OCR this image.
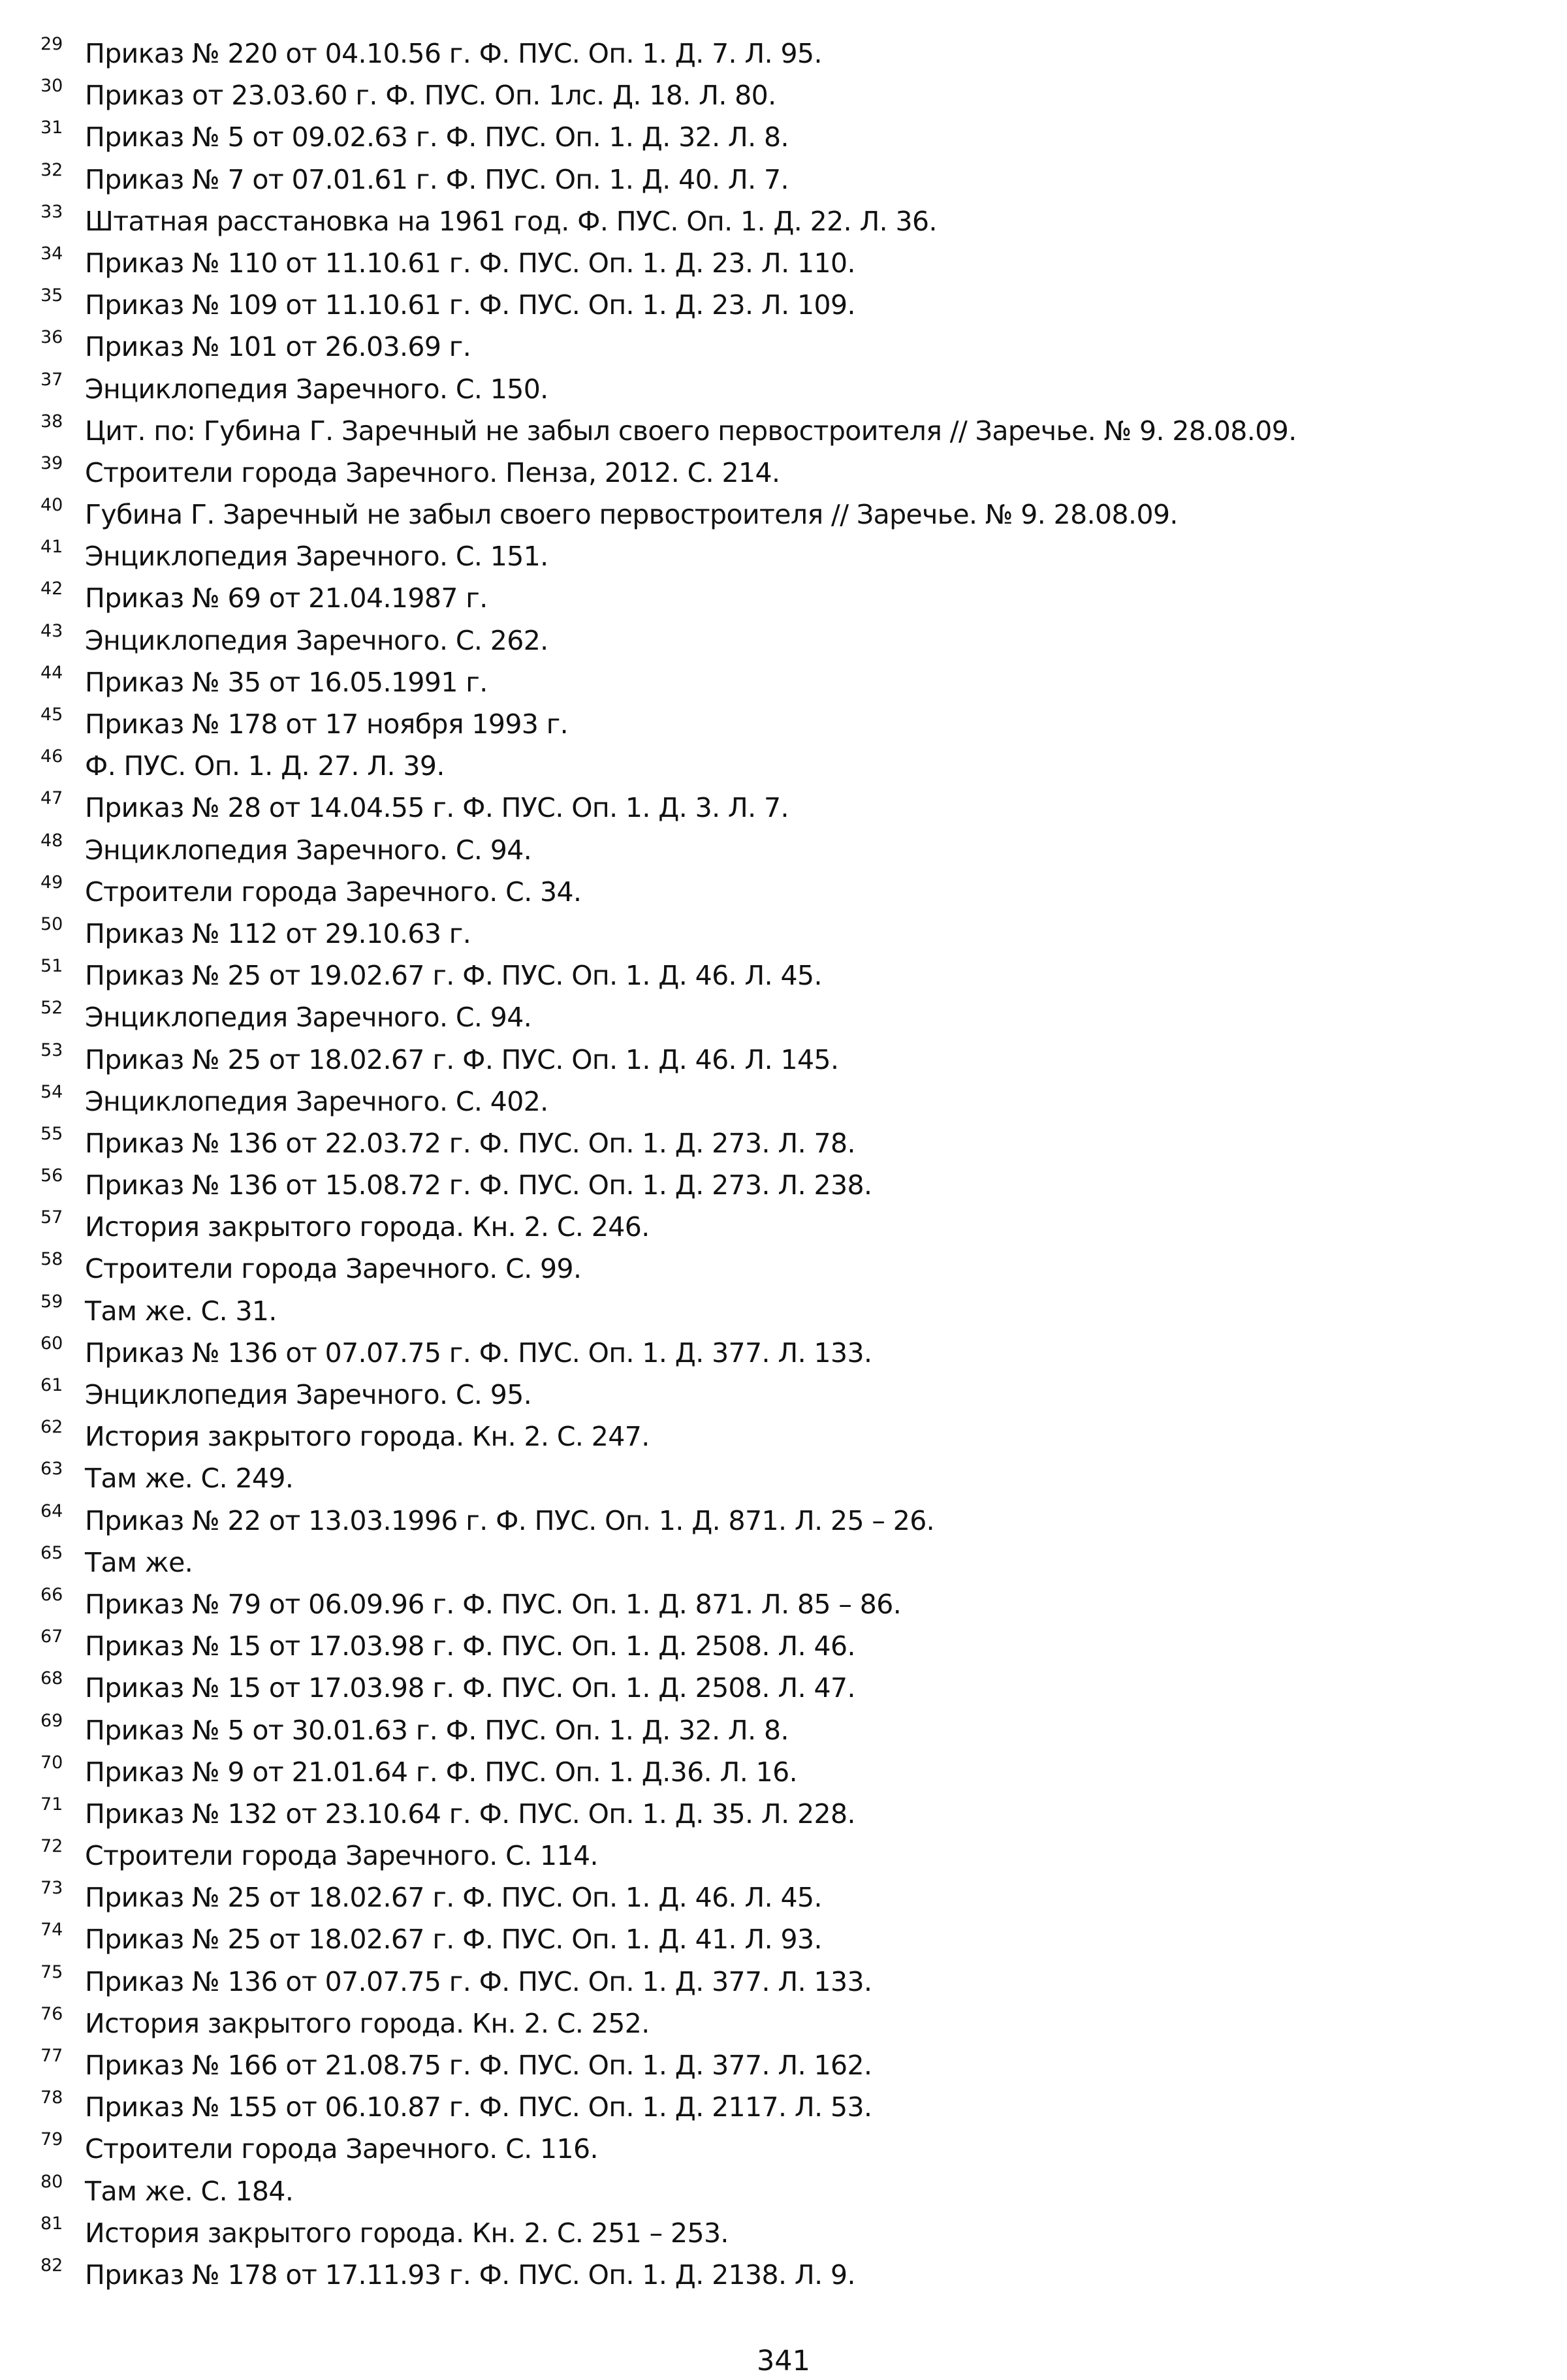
29 Приказ № 220 от 04.10.56 г. Ф. ПУС. Оп. 1. Д. 7. Л. 95.
30 Приказ от 23.03.60 г. Ф. ПУС. Оп. 1лс. Д. 18. Л. 80.
31 Приказ № 5 от 09.02.63 г. Ф. ПУС. Оп. 1. Д. 32. Л. 8.
32 Приказ № 7 от 07.01.61 г. Ф. ПУС. Оп. 1. Д. 40. Л. 7.
33 Штатная расстановка на 1961 год. Ф. ПУС. Оп. 1. Д. 22. Л. 36.
34 Приказ № 110 от 11.10.61 г. Ф. ПУС. Оп. 1. Д. 23. Л. 110.
35 Приказ № 109 от 11.10.61 г. Ф. ПУС. Оп. 1. Д. 23. Л. 109.
36 Приказ № 101 от 26.03.69 г.
37 Энциклопедия Заречного. С. 150.
38 Цит. по: Губина Г. Заречный не забыл своего первостроителя // Заречье. № 9. 28.08.09.
39 Строители города Заречного. Пенза, 2012. С. 214.
40 Губина Г. Заречный не забыл своего первостроителя // Заречье. № 9. 28.08.09.
41 Энциклопедия Заречного. С. 151.
42 Приказ № 69 от 21.04.1987 г.
43 Энциклопедия Заречного. С. 262.
44 Приказ № 35 от 16.05.1991 г.
45 Приказ № 178 от 17 ноября 1993 г.
46 Ф. ПУС. Оп. 1. Д. 27. Л. 39.
47 Приказ № 28 от 14.04.55 г. Ф. ПУС. Оп. 1. Д. 3. Л. 7.
48 Энциклопедия Заречного. С. 94.
49 Строители города Заречного. С. 34.
50 Приказ № 112 от 29.10.63 г.
51 Приказ № 25 от 19.02.67 г. Ф. ПУС. Оп. 1. Д. 46. Л. 45.
52 Энциклопедия Заречного. С. 94.
53 Приказ № 25 от 18.02.67 г. Ф. ПУС. Оп. 1. Д. 46. Л. 145.
54 Энциклопедия Заречного. С. 402.
55 Приказ № 136 от 22.03.72 г. Ф. ПУС. Оп. 1. Д. 273. Л. 78.
56 Приказ № 136 от 15.08.72 г. Ф. ПУС. Оп. 1. Д. 273. Л. 238.
57 История закрытого города. Кн. 2. С. 246.
58 Строители города Заречного. С. 99.
59 Там же. С. 31.
60 Приказ № 136 от 07.07.75 г. Ф. ПУС. Оп. 1. Д. 377. Л. 133.
61 Энциклопедия Заречного. С. 95.
62 История закрытого города. Кн. 2. С. 247.
63 Там же. С. 249.
64 Приказ № 22 от 13.03.1996 г. Ф. ПУС. Оп. 1. Д. 871. Л. 25 – 26.
65 Там же.
66 Приказ № 79 от 06.09.96 г. Ф. ПУС. Оп. 1. Д. 871. Л. 85 – 86.
67 Приказ № 15 от 17.03.98 г. Ф. ПУС. Оп. 1. Д. 2508. Л. 46.
68 Приказ № 15 от 17.03.98 г. Ф. ПУС. Оп. 1. Д. 2508. Л. 47.
69 Приказ № 5 от 30.01.63 г. Ф. ПУС. Оп. 1. Д. 32. Л. 8.
70 Приказ № 9 от 21.01.64 г. Ф. ПУС. Оп. 1. Д.36. Л. 16.
71 Приказ № 132 от 23.10.64 г. Ф. ПУС. Оп. 1. Д. 35. Л. 228.
72 Строители города Заречного. С. 114.
73 Приказ № 25 от 18.02.67 г. Ф. ПУС. Оп. 1. Д. 46. Л. 45.
74 Приказ № 25 от 18.02.67 г. Ф. ПУС. Оп. 1. Д. 41. Л. 93.
75 Приказ № 136 от 07.07.75 г. Ф. ПУС. Оп. 1. Д. 377. Л. 133.
76 История закрытого города. Кн. 2. С. 252.
77 Приказ № 166 от 21.08.75 г. Ф. ПУС. Оп. 1. Д. 377. Л. 162.
78 Приказ № 155 от 06.10.87 г. Ф. ПУС. Оп. 1. Д. 2117. Л. 53.
79 Строители города Заречного. С. 116.
80 Там же. С. 184.
81 История закрытого города. Кн. 2. С. 251 – 253.
82 Приказ № 178 от 17.11.93 г. Ф. ПУС. Оп. 1. Д. 2138. Л. 9.
341
